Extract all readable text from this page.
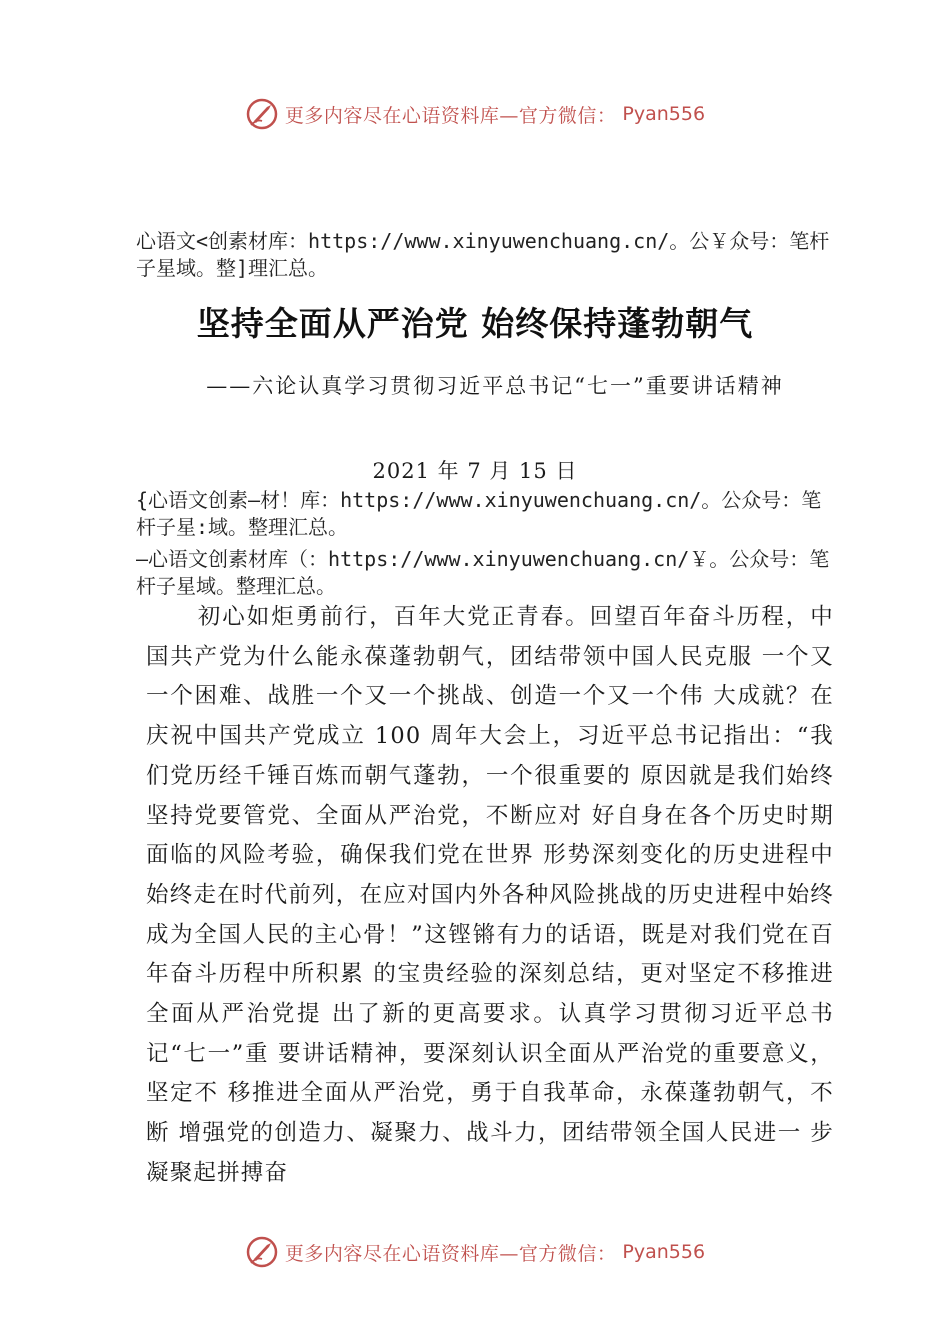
更多内容尽在心语资料库—官方微信： Pyan556
心语文<创素材库：https://www.xinyuwenchuang.cn/。公￥众号：笔杆子星域。整]理汇总。
坚持全面从严治党 始终保持蓬勃朝气
——六论认真学习贯彻习近平总书记“七一”重要讲话精神
2021 年 7 月 15 日
{心语文创素—材！库：https://www.xinyuwenchuang.cn/。公众号：笔杆子星:域。整理汇总。
—心语文创素材库（：https://www.xinyuwenchuang.cn/￥。公众号：笔杆子星域。整理汇总。
初心如炬勇前行，百年大党正青春。回望百年奋斗历程，中国共产党为什么能永葆蓬勃朝气，团结带领中国人民克服 一个又一个困难、战胜一个又一个挑战、创造一个又一个伟 大成就？在庆祝中国共产党成立 100 周年大会上，习近平总书记指出：“我们党历经千锤百炼而朝气蓬勃，一个很重要的 原因就是我们始终坚持党要管党、全面从严治党，不断应对 好自身在各个历史时期面临的风险考验，确保我们党在世界 形势深刻变化的历史进程中始终走在时代前列，在应对国内外各种风险挑战的历史进程中始终成为全国人民的主心骨！”这铿锵有力的话语，既是对我们党在百年奋斗历程中所积累 的宝贵经验的深刻总结，更对坚定不移推进全面从严治党提 出了新的更高要求。认真学习贯彻习近平总书记“七一”重 要讲话精神，要深刻认识全面从严治党的重要意义，坚定不 移推进全面从严治党，勇于自我革命，永葆蓬勃朝气，不断 增强党的创造力、凝聚力、战斗力，团结带领全国人民进一 步凝聚起拼搏奋
更多内容尽在心语资料库—官方微信： Pyan556
